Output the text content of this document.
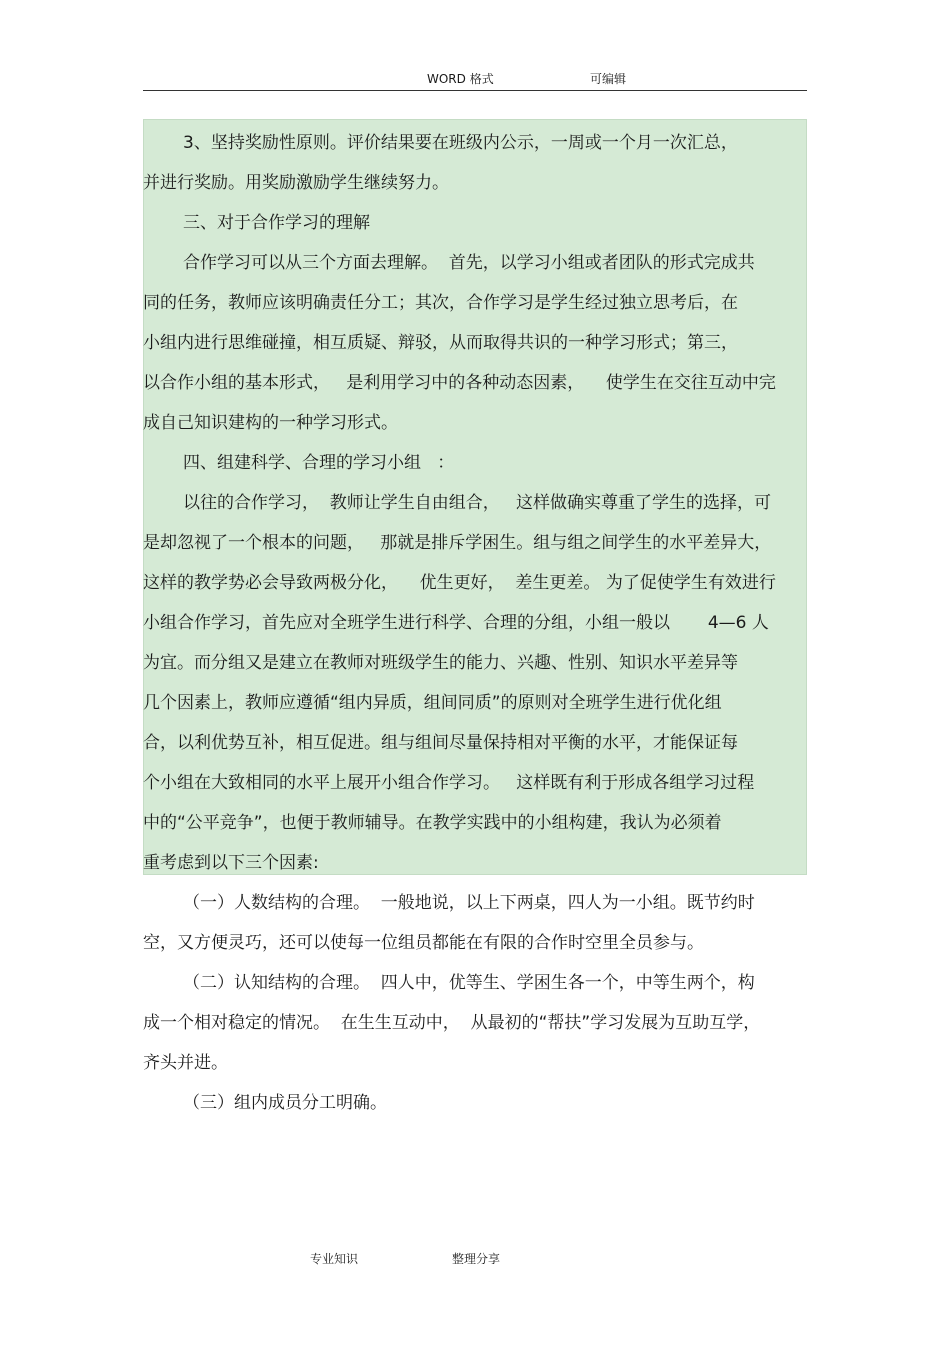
WORD 格式	可编辑
3、坚持奖励性原则。评价结果要在班级内公示，一周或一个月一次汇总，
并进行奖励。用奖励激励学生继续努力。
三、对于合作学习的理解
合作学习可以从三个方面去理解。  首先，以学习小组或者团队的形式完成共
同的任务，教师应该明确责任分工；其次，合作学习是学生经过独立思考后，在
小组内进行思维碰撞，相互质疑、辩驳，从而取得共识的一种学习形式；第三，
以合作小组的基本形式，   是利用学习中的各种动态因素，    使学生在交往互动中完
成自己知识建构的一种学习形式。
四、组建科学、合理的学习小组   ：
以往的合作学习，  教师让学生自由组合，   这样做确实尊重了学生的选择，可
是却忽视了一个根本的问题，   那就是排斥学困生。组与组之间学生的水平差异大，
这样的教学势必会导致两极分化，    优生更好，  差生更差。 为了促使学生有效进行
小组合作学习，首先应对全班学生进行科学、合理的分组，小组一般以       4—6 人
为宜。而分组又是建立在教师对班级学生的能力、兴趣、性别、知识水平差异等
几个因素上，教师应遵循“组内异质，组间同质”的原则对全班学生进行优化组
合，以利优势互补，相互促进。组与组间尽量保持相对平衡的水平，才能保证每
个小组在大致相同的水平上展开小组合作学习。   这样既有利于形成各组学习过程
中的“公平竞争”，也便于教师辅导。在教学实践中的小组构建，我认为必须着
重考虑到以下三个因素:
（一）人数结构的合理。  一般地说，以上下两桌，四人为一小组。既节约时
空，又方便灵巧，还可以使每一位组员都能在有限的合作时空里全员参与。
（二）认知结构的合理。  四人中，优等生、学困生各一个，中等生两个，构
成一个相对稳定的情况。  在生生互动中，  从最初的“帮扶”学习发展为互助互学，
齐头并进。
（三）组内成员分工明确。
专业知识	整理分享
